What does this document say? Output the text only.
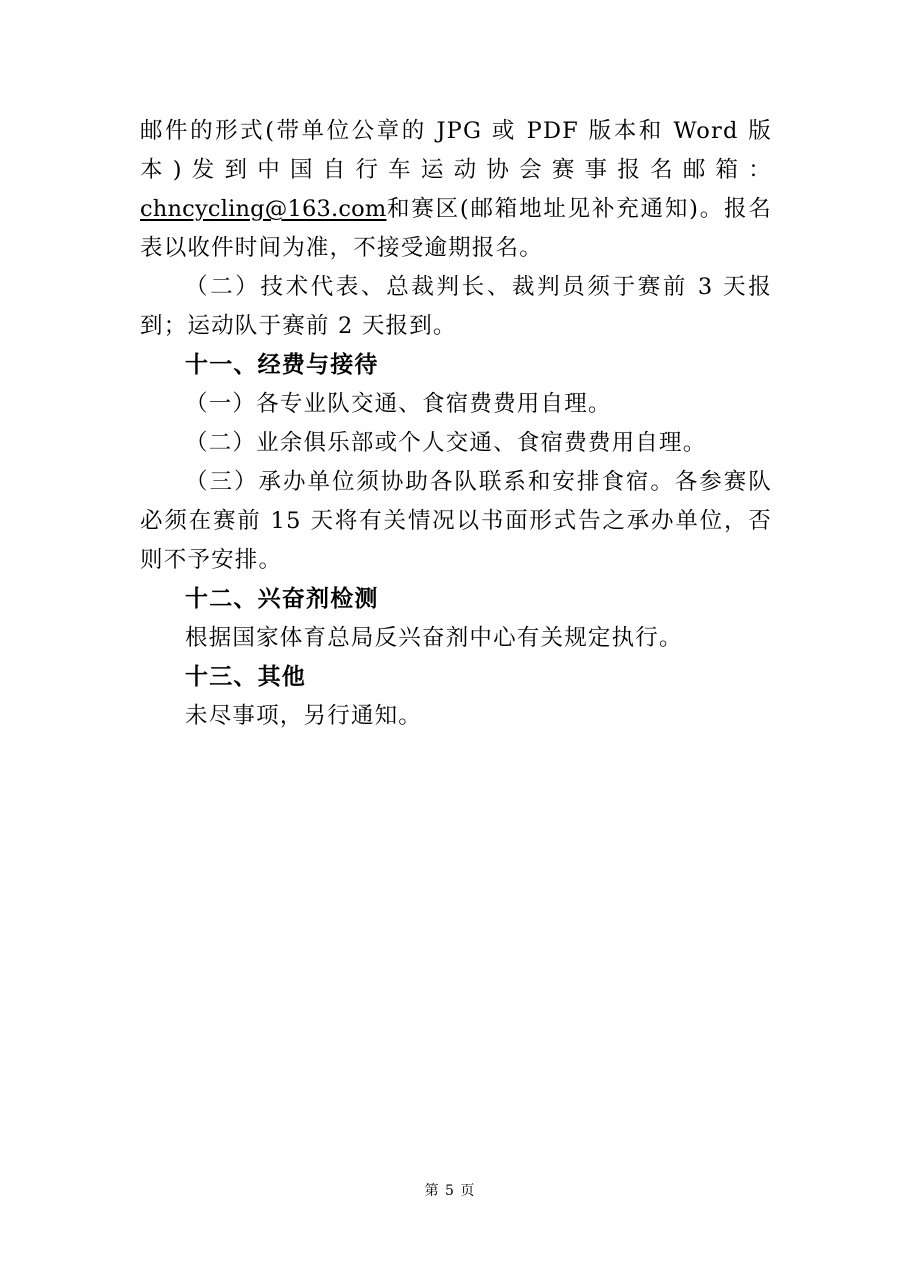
邮件的形式(带单位公章的 JPG 或 PDF 版本和 Word 版本)发到中国自行车运动协会赛事报名邮箱：chncycling@163.com和赛区(邮箱地址见补充通知)。报名表以收件时间为准，不接受逾期报名。

（二）技术代表、总裁判长、裁判员须于赛前 3 天报到；运动队于赛前 2 天报到。

十一、经费与接待

（一）各专业队交通、食宿费费用自理。

（二）业余俱乐部或个人交通、食宿费费用自理。

（三）承办单位须协助各队联系和安排食宿。各参赛队必须在赛前 15 天将有关情况以书面形式告之承办单位，否则不予安排。

十二、兴奋剂检测

根据国家体育总局反兴奋剂中心有关规定执行。

十三、其他

未尽事项，另行通知。

第 5 页
